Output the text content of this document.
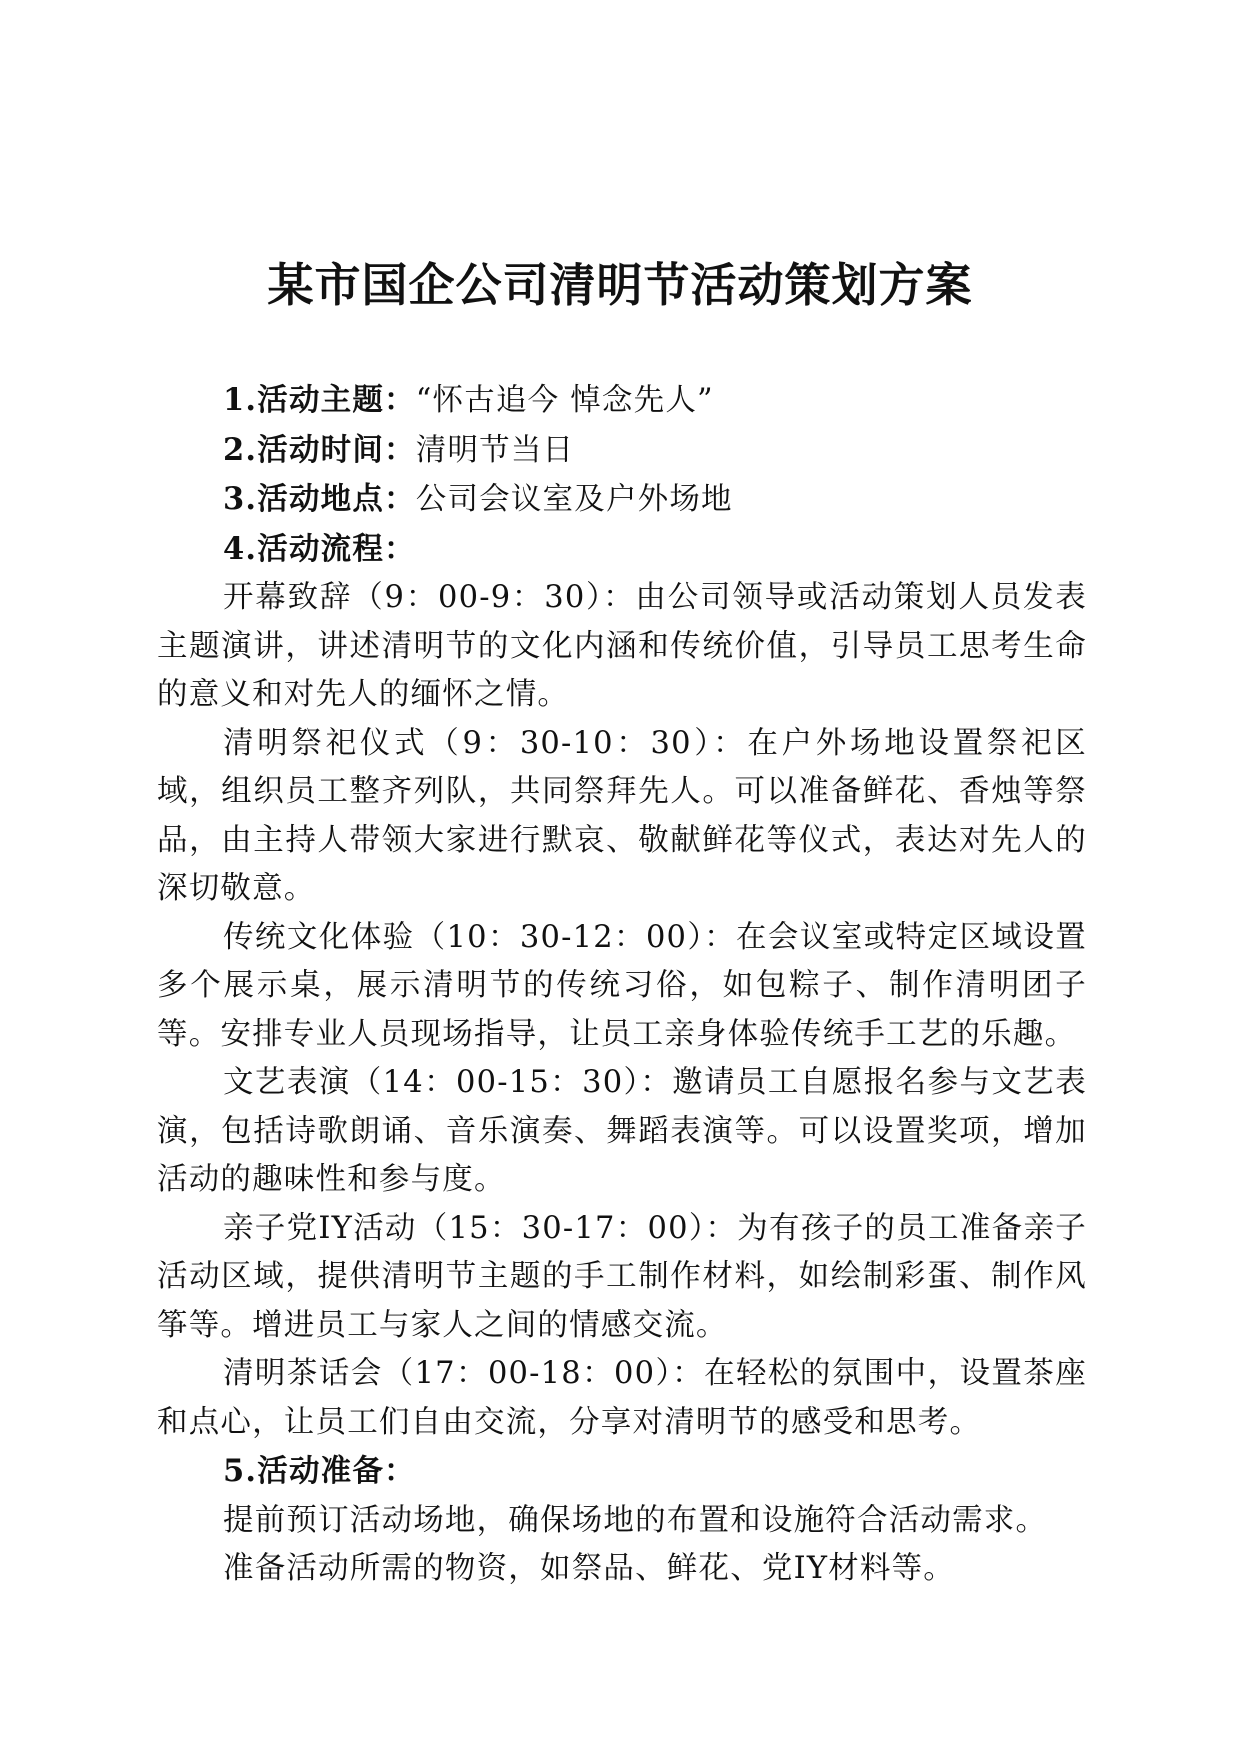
某市国企公司清明节活动策划方案

1.活动主题：“怀古追今 悼念先人”

2.活动时间：清明节当日

3.活动地点：公司会议室及户外场地

4.活动流程：

开幕致辞（9：00-9：30）：由公司领导或活动策划人员发表主题演讲，讲述清明节的文化内涵和传统价值，引导员工思考生命的意义和对先人的缅怀之情。

清明祭祀仪式（9：30-10：30）：在户外场地设置祭祀区域，组织员工整齐列队，共同祭拜先人。可以准备鲜花、香烛等祭品，由主持人带领大家进行默哀、敬献鲜花等仪式，表达对先人的深切敬意。

传统文化体验（10：30-12：00）：在会议室或特定区域设置多个展示桌，展示清明节的传统习俗，如包粽子、制作清明团子等。安排专业人员现场指导，让员工亲身体验传统手工艺的乐趣。

文艺表演（14：00-15：30）：邀请员工自愿报名参与文艺表演，包括诗歌朗诵、音乐演奏、舞蹈表演等。可以设置奖项，增加活动的趣味性和参与度。

亲子党IY活动（15：30-17：00）：为有孩子的员工准备亲子活动区域，提供清明节主题的手工制作材料，如绘制彩蛋、制作风筝等。增进员工与家人之间的情感交流。

清明茶话会（17：00-18：00）：在轻松的氛围中，设置茶座和点心，让员工们自由交流，分享对清明节的感受和思考。

5.活动准备：

提前预订活动场地，确保场地的布置和设施符合活动需求。

准备活动所需的物资，如祭品、鲜花、党IY材料等。
